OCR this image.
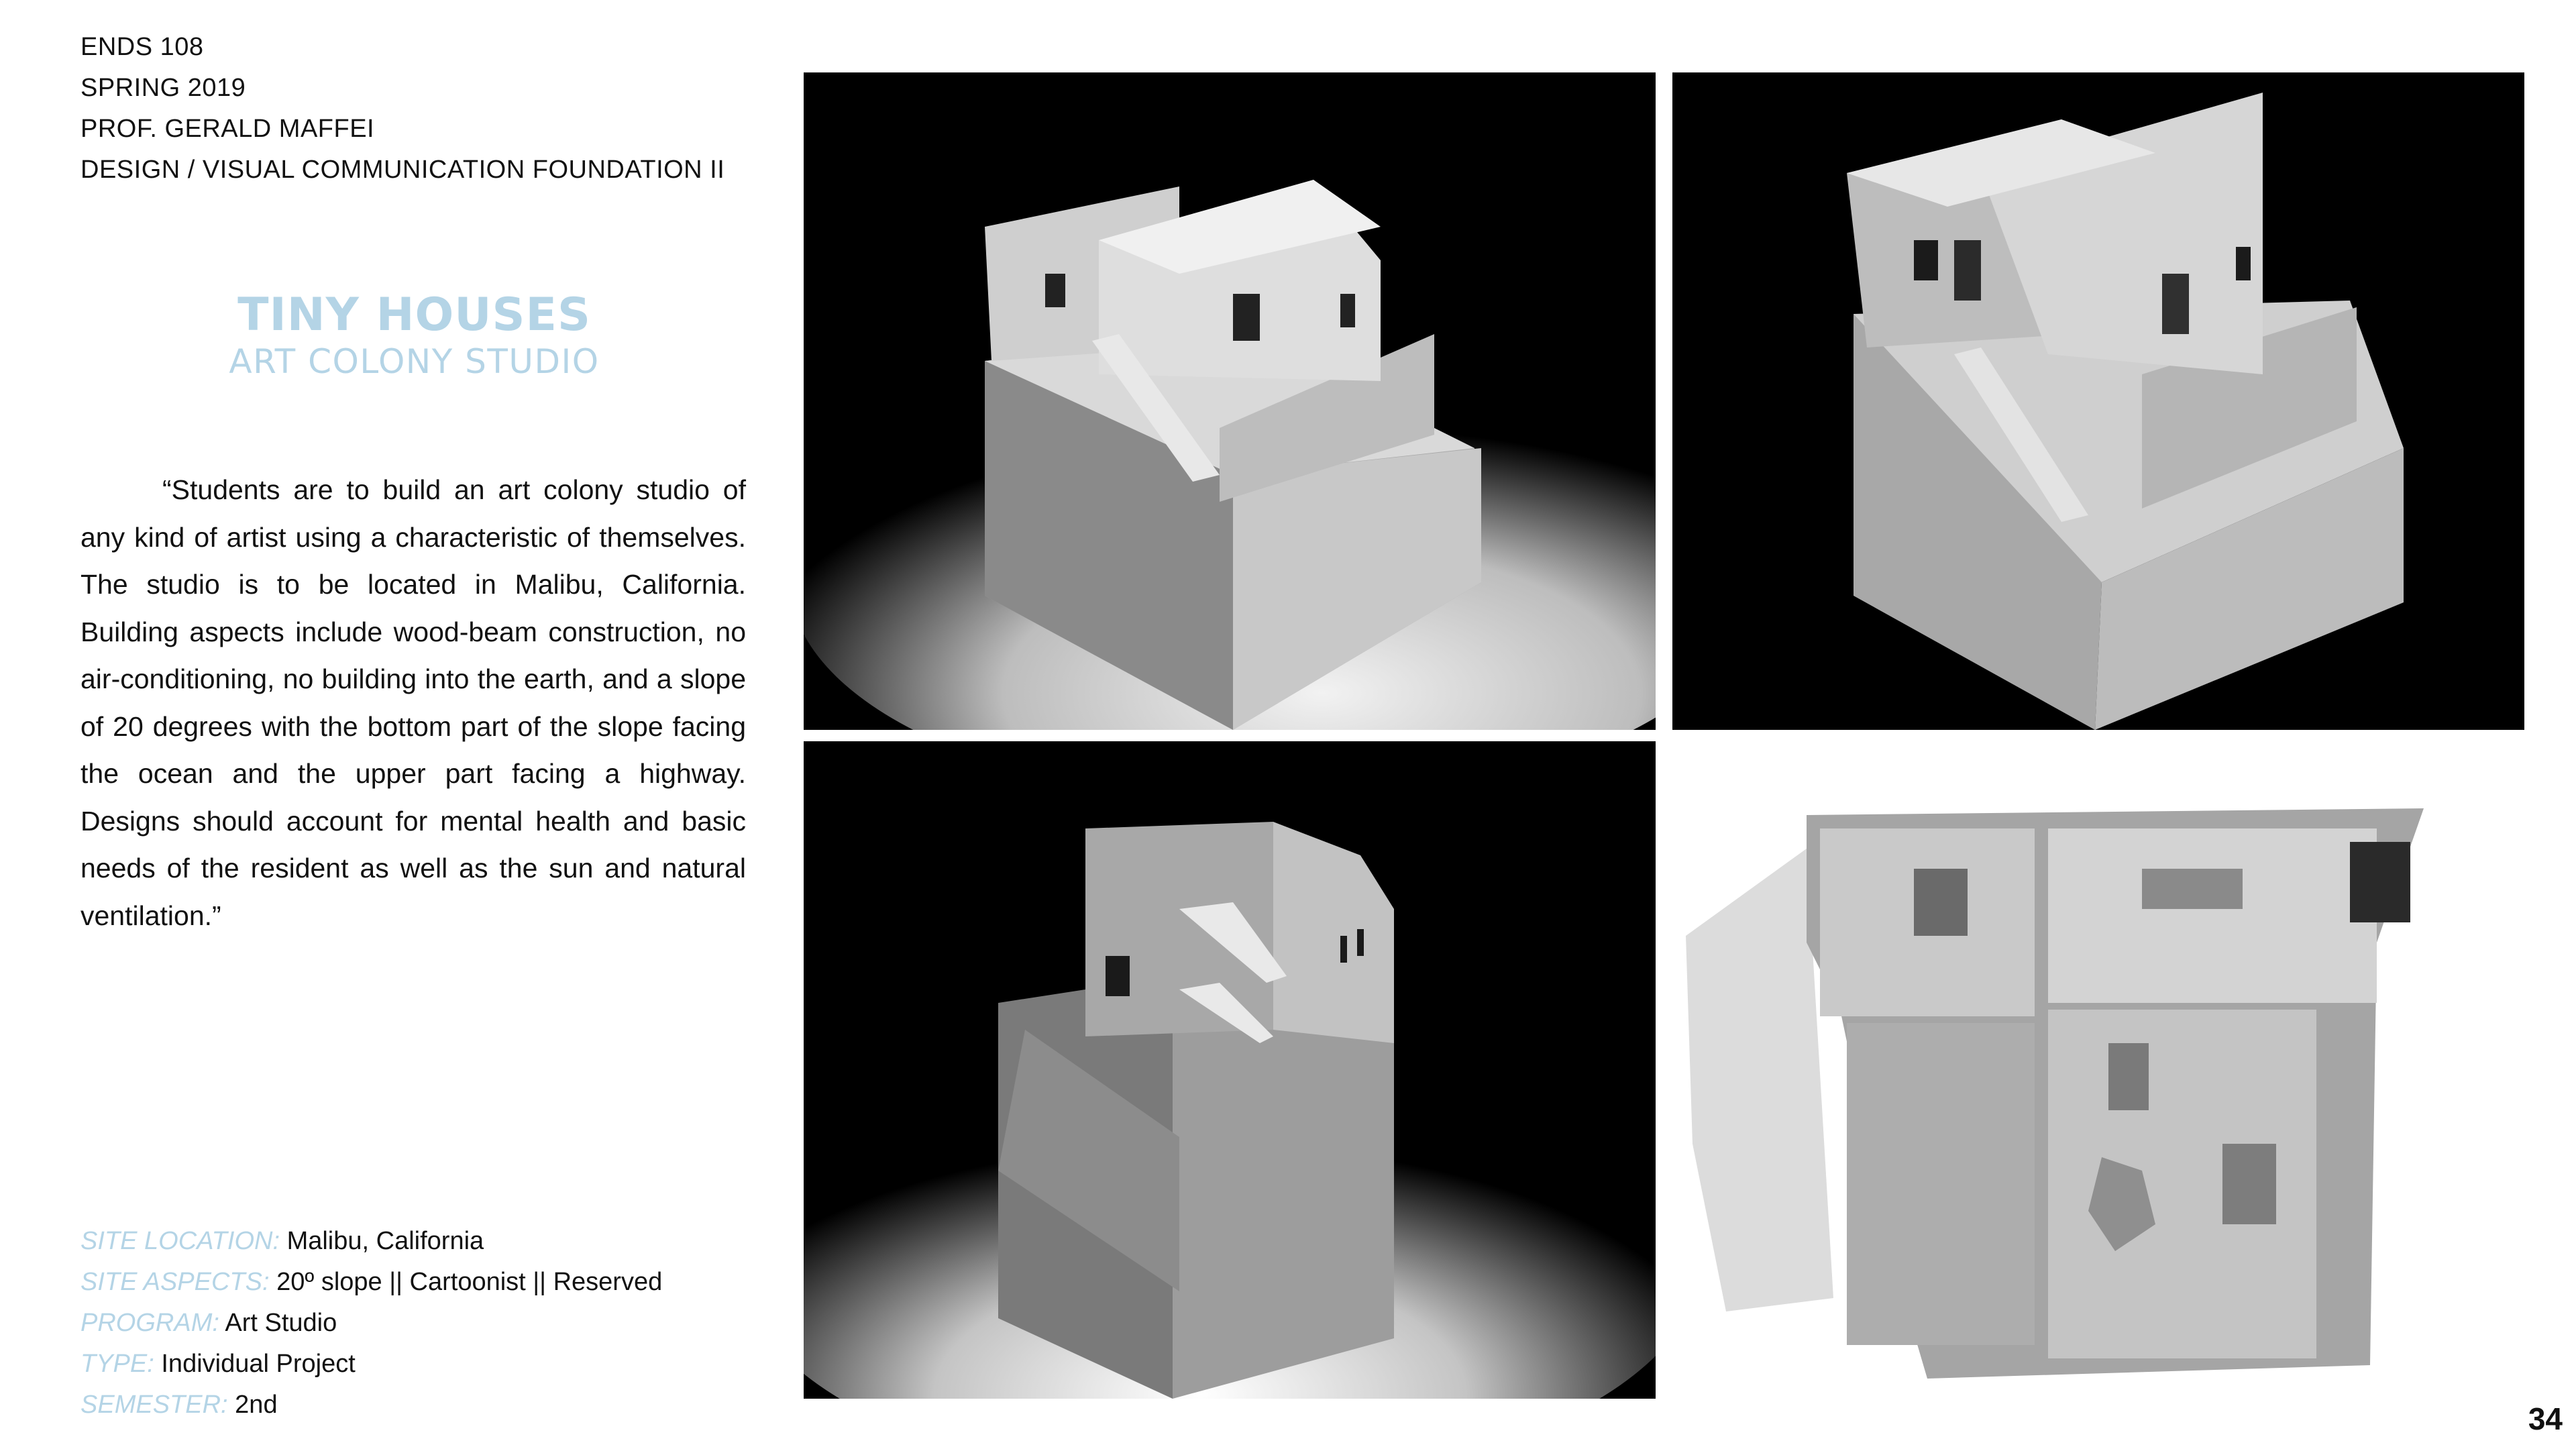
ENDS 108
SPRING 2019
PROF. GERALD MAFFEI
DESIGN / VISUAL COMMUNICATION FOUNDATION II
TINY HOUSES
ART COLONY STUDIO

“Students are to build an art colony studio of any kind of artist using a characteristic of themselves. The studio is to be located in Malibu, California. Building aspects include wood-beam construction, no air-conditioning, no building into the earth, and a slope of 20 degrees with the bottom part of the slope facing the ocean and the upper part facing a highway. Designs should account for mental health and basic needs of the resident as well as the sun and natural ventilation.”

SITE LOCATION: Malibu, California
SITE ASPECTS: 20º slope || Cartoonist || Reserved
PROGRAM: Art Studio
TYPE: Individual Project
SEMESTER: 2nd	34
